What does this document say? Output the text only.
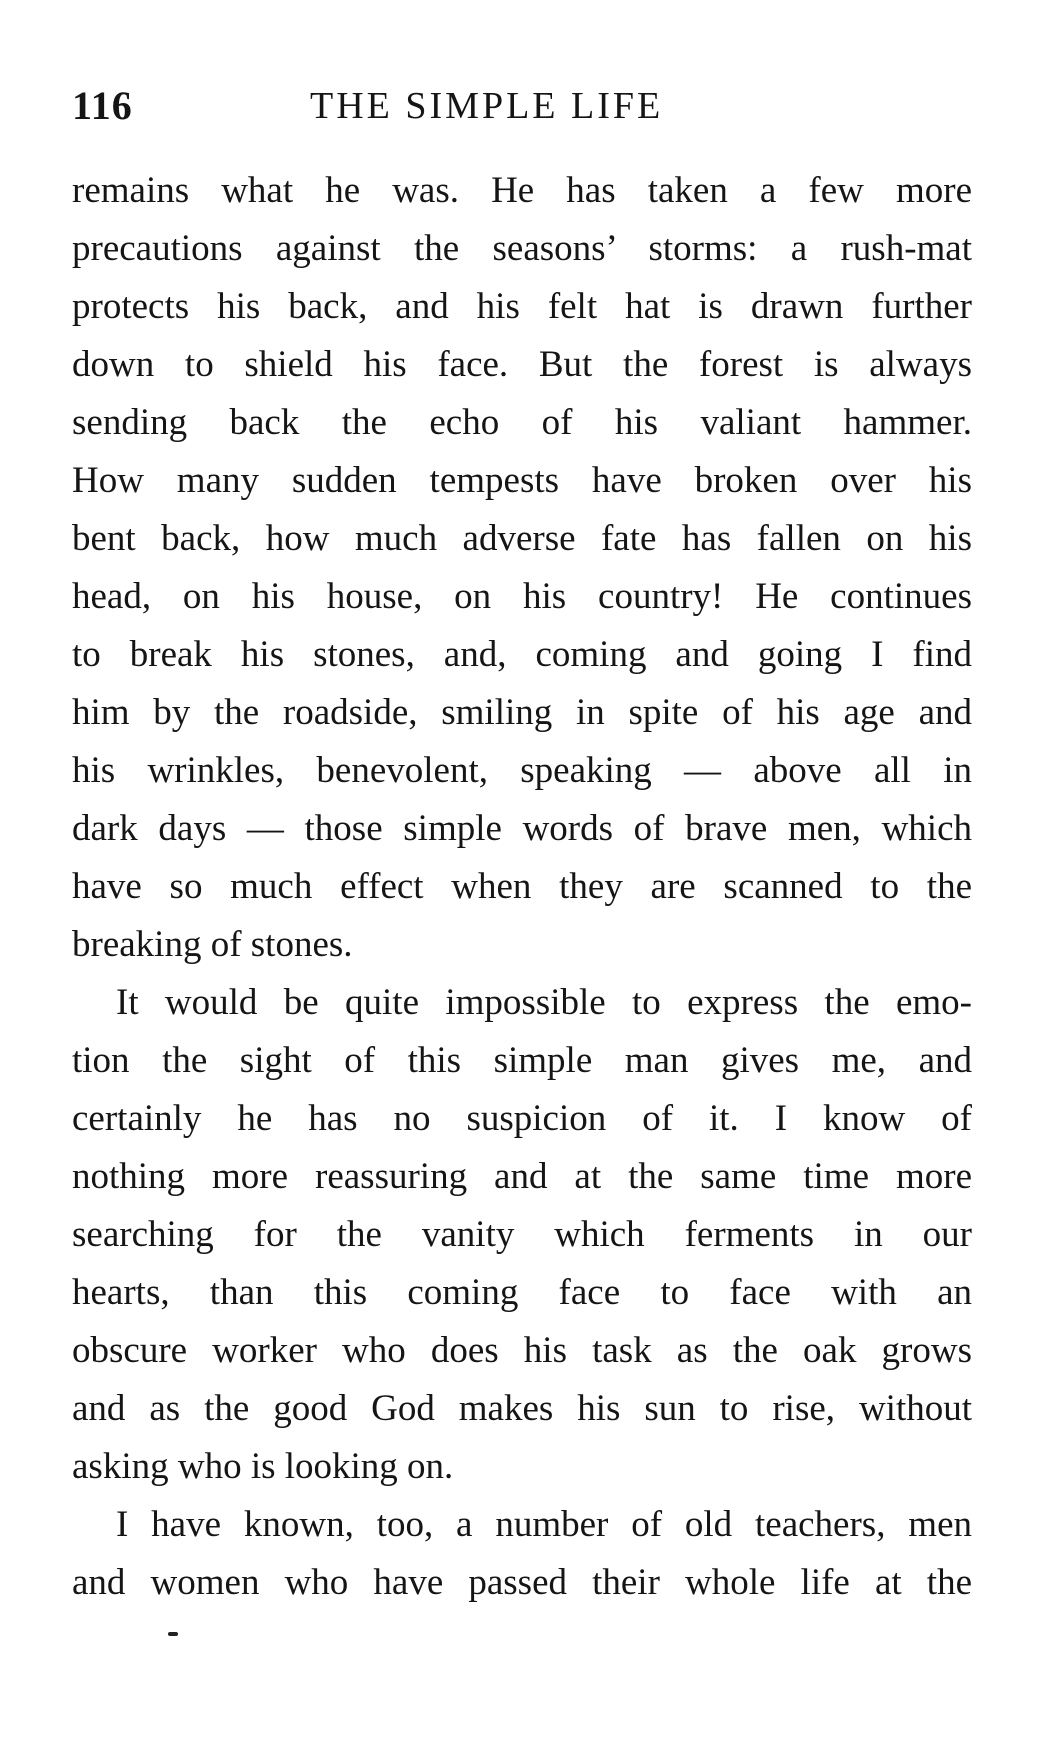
116	THE SIMPLE LIFE
remains what he was. He has taken a few more
precautions against the seasons’ storms: a rush-mat
protects his back, and his felt hat is drawn further
down to shield his face. But the forest is always
sending back the echo of his valiant hammer.
How many sudden tempests have broken over his
bent back, how much adverse fate has fallen on his
head, on his house, on his country! He continues
to break his stones, and, coming and going I find
him by the roadside, smiling in spite of his age and
his wrinkles, benevolent, speaking — above all in
dark days — those simple words of brave men, which
have so much effect when they are scanned to the
breaking of stones.
It would be quite impossible to express the emo-
tion the sight of this simple man gives me, and
certainly he has no suspicion of it. I know of
nothing more reassuring and at the same time more
searching for the vanity which ferments in our
hearts, than this coming face to face with an
obscure worker who does his task as the oak grows
and as the good God makes his sun to rise, without
asking who is looking on.
I have known, too, a number of old teachers, men
and women who have passed their whole life at the
